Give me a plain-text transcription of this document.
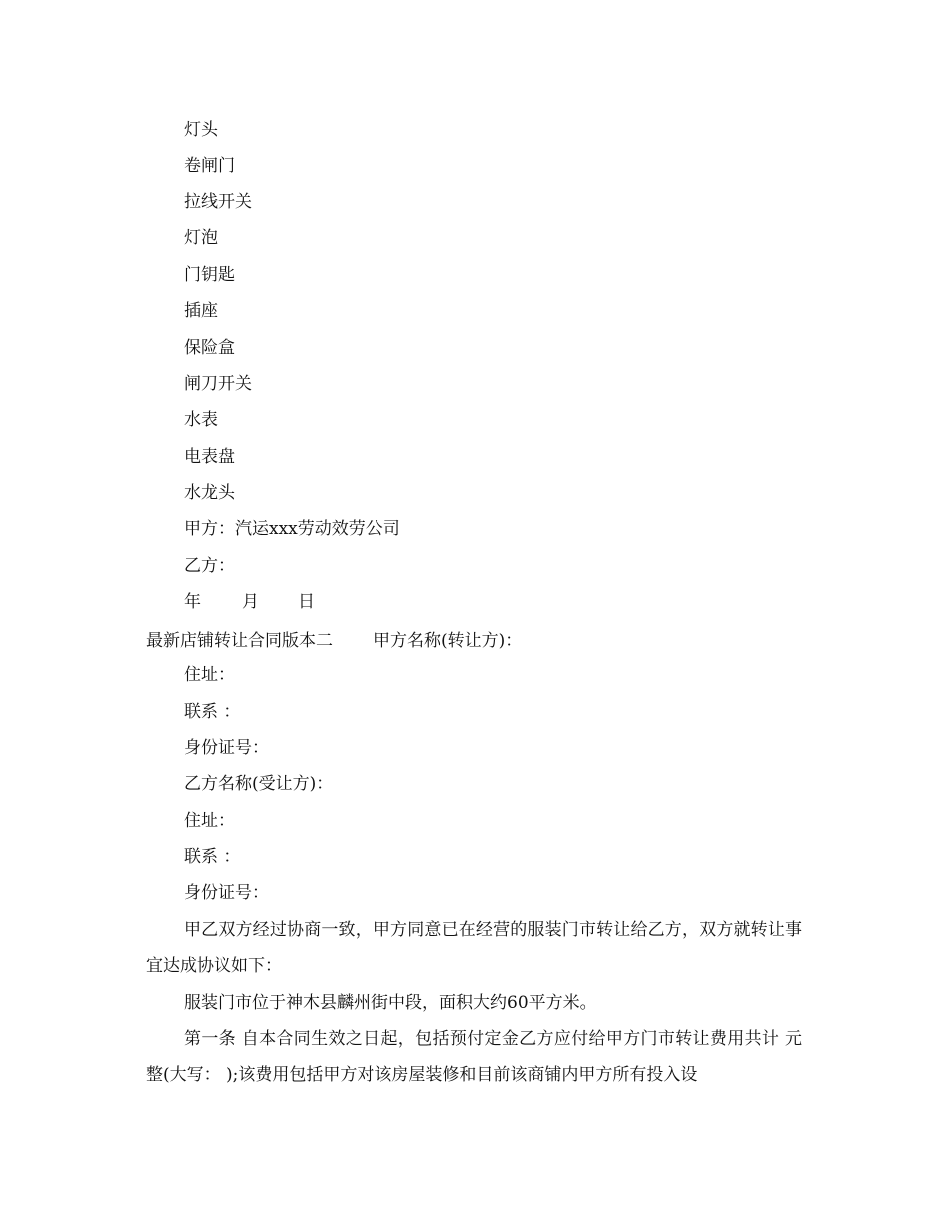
灯头
卷闸门
拉线开关
灯泡
门钥匙
插座
保险盒
闸刀开关
水表
电表盘
水龙头
甲方：汽运xxx劳动效劳公司
乙方：
年 月 日
最新店铺转让合同版本二 甲方名称(转让方)：
住址：
联系 ：
身份证号：
乙方名称(受让方)：
住址：
联系 ：
身份证号：
甲乙双方经过协商一致，甲方同意已在经营的服装门市转让给乙方，双方就转让事宜达成协议如下：
服装门市位于神木县麟州街中段，面积大约60平方米。
第一条 自本合同生效之日起，包括预付定金乙方应付给甲方门市转让费用共计 元整(大写： );该费用包括甲方对该房屋装修和目前该商铺内甲方所有投入设
